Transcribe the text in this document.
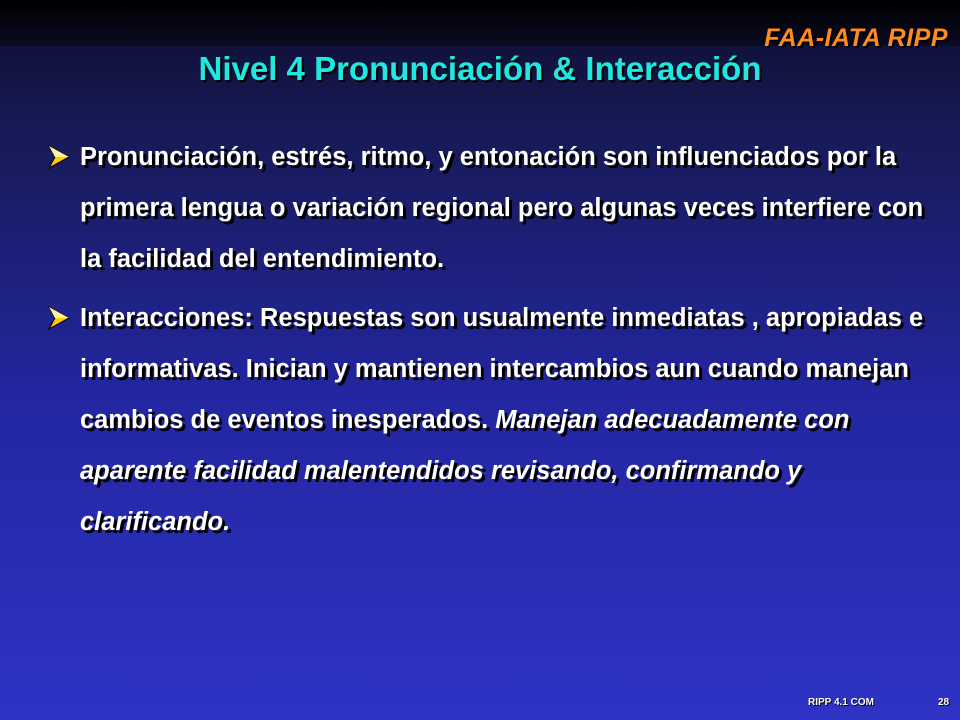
FAA-IATA RIPP
Nivel 4 Pronunciación & Interacción
Pronunciación, estrés, ritmo, y entonación son influenciados por la primera lengua o variación regional pero algunas veces interfiere con la facilidad del entendimiento.
Interacciones: Respuestas son usualmente inmediatas , apropiadas e informativas. Inician y mantienen intercambios aun cuando manejan cambios de eventos inesperados. Manejan adecuadamente con aparente facilidad malentendidos revisando, confirmando y clarificando.
RIPP 4.1 COM	28
